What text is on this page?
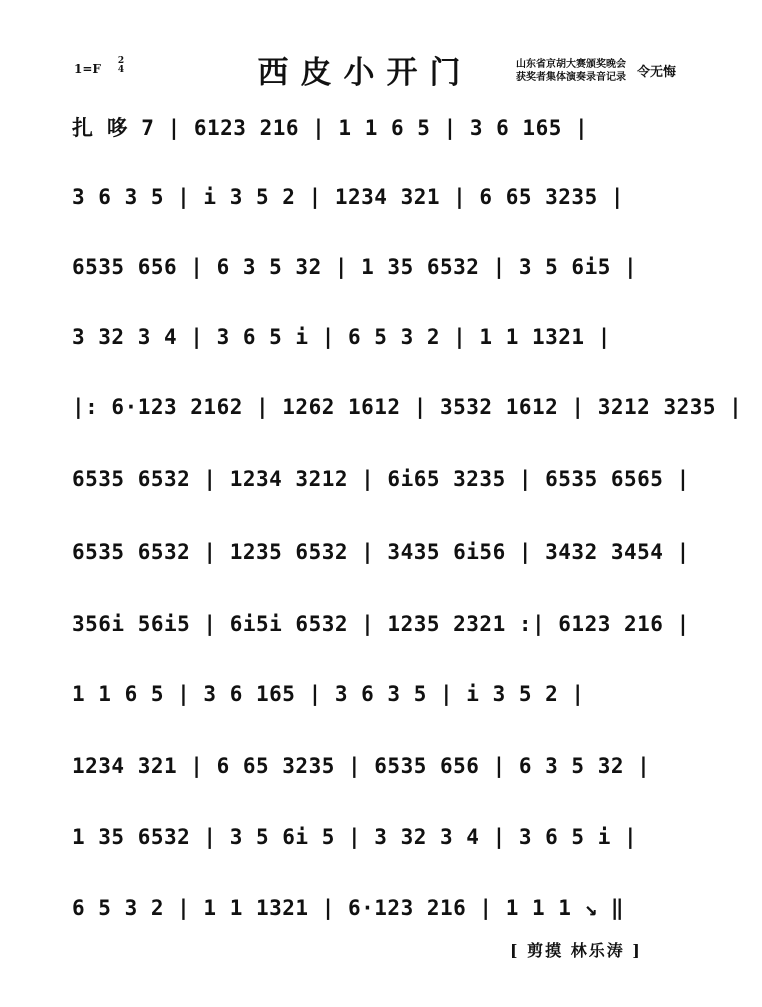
1=F
2
4	西皮小开门	山东省京胡大赛颁奖晚会
获奖者集体演奏录音记录 令无悔
扎 哆 7 | 6123 216 | 1 1 6 5 | 3 6 165 |
3 6 3 5 | i 3 5 2 | 1234 321 | 6 65 3235 |
6535 656 | 6 3 5 32 | 1 35 6532 | 3 5 6i5 |
3 32 3 4 | 3 6 5 i | 6 5 3 2 | 1 1 1321 |
|: 6·123 2162 | 1262 1612 | 3532 1612 | 3212 3235 |
6535 6532 | 1234 3212 | 6i65 3235 | 6535 6565 |
6535 6532 | 1235 6532 | 3435 6i56 | 3432 3454 |
356i 56i5 | 6i5i 6532 | 1235 2321 :| 6123 216 |
1 1 6 5 | 3 6 165 | 3 6 3 5 | i 3 5 2 |
1234 321 | 6 65 3235 | 6535 656 | 6 3 5 32 |
1 35 6532 | 3 5 6i 5 | 3 32 3 4 | 3 6 5 i |
6 5 3 2 | 1 1 1321 | 6·123 216 | 1 1 1 ↘ ‖
[ 剪摸 林乐涛 ]
